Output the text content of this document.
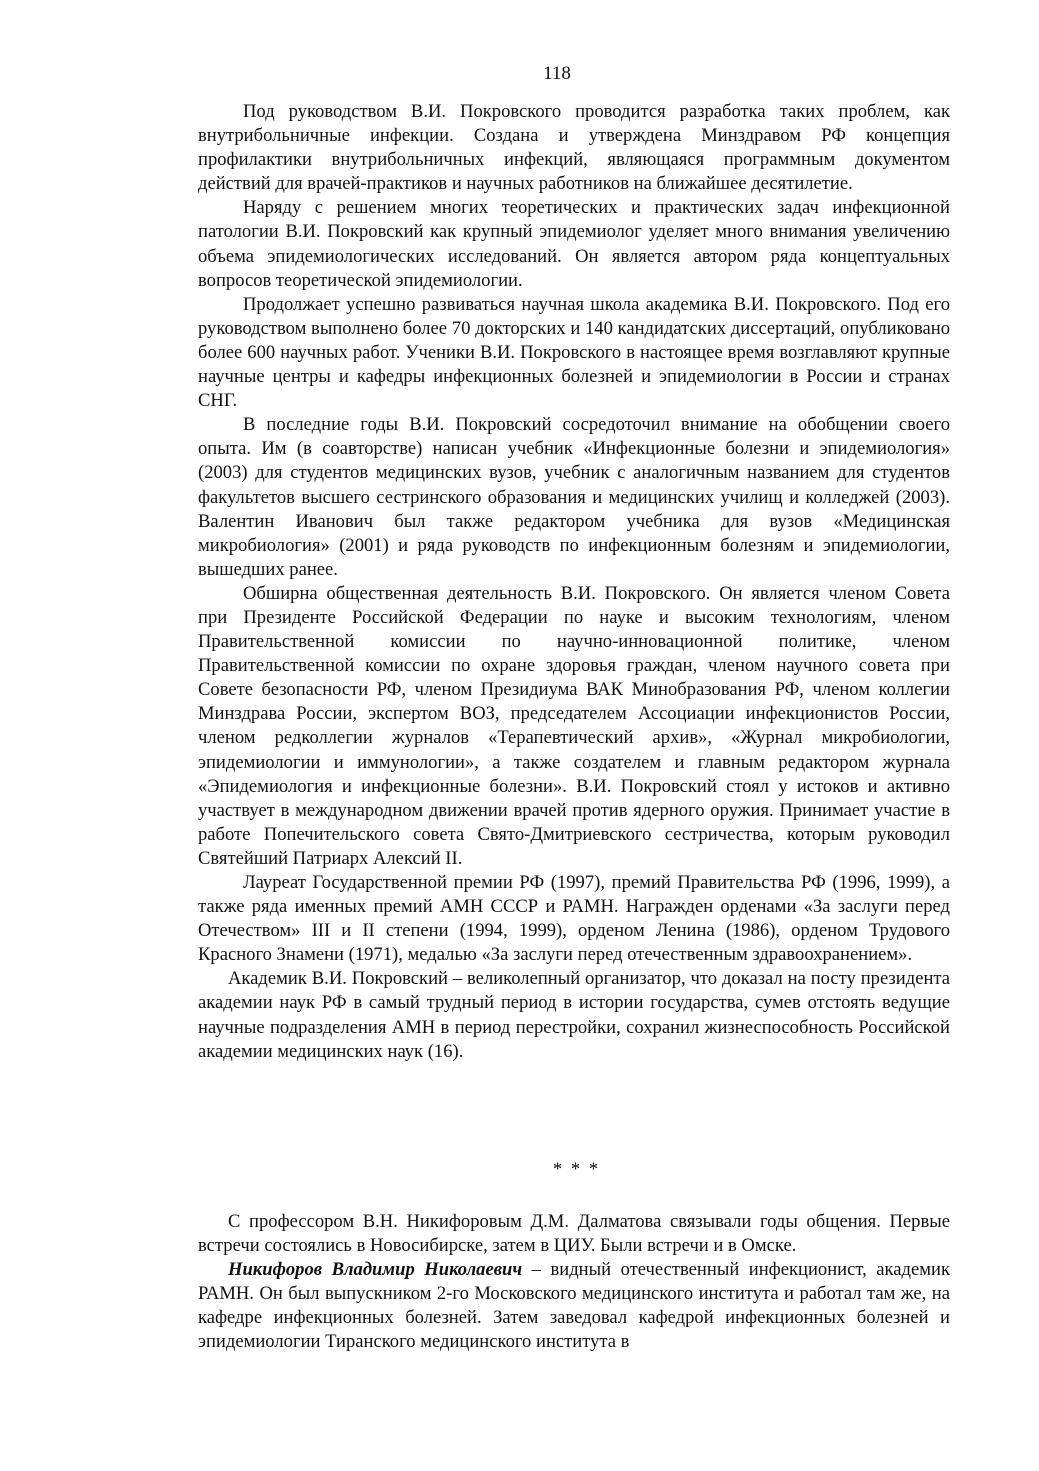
118

Под руководством В.И. Покровского проводится разработка таких проблем, как внутрибольничные инфекции. Создана и утверждена Минздравом РФ концепция профилактики внутрибольничных инфекций, являющаяся программным документом действий для врачей-практиков и научных работников на ближайшее десятилетие.

Наряду с решением многих теоретических и практических задач инфекционной патологии В.И. Покровский как крупный эпидемиолог уделяет много внимания увеличению объема эпидемиологических исследований. Он является автором ряда концептуальных вопросов теоретической эпидемиологии.

Продолжает успешно развиваться научная школа академика В.И. Покровского. Под его руководством выполнено более 70 докторских и 140 кандидатских диссертаций, опубликовано более 600 научных работ. Ученики В.И. Покровского в настоящее время возглавляют крупные научные центры и кафедры инфекционных болезней и эпидемиологии в России и странах СНГ.

В последние годы В.И. Покровский сосредоточил внимание на обобщении своего опыта. Им (в соавторстве) написан учебник «Инфекционные болезни и эпидемиология» (2003) для студентов медицинских вузов, учебник с аналогичным названием для студентов факультетов высшего сестринского образования и медицинских училищ и колледжей (2003). Валентин Иванович был также редактором учебника для вузов «Медицинская микробиология» (2001) и ряда руководств по инфекционным болезням и эпидемиологии, вышедших ранее.

Обширна общественная деятельность В.И. Покровского. Он является членом Совета при Президенте Российской Федерации по науке и высоким технологиям, членом Правительственной комиссии по научно-инновационной политике, членом Правительственной комиссии по охране здоровья граждан, членом научного совета при Совете безопасности РФ, членом Президиума ВАК Минобразования РФ, членом коллегии Минздрава России, экспертом ВОЗ, председателем Ассоциации инфекционистов России, членом редколлегии журналов «Терапевтический архив», «Журнал микробиологии, эпидемиологии и иммунологии», а также создателем и главным редактором журнала «Эпидемиология и инфекционные болезни». В.И. Покровский стоял у истоков и активно участвует в международном движении врачей против ядерного оружия. Принимает участие в работе Попечительского совета Свято-Дмитриевского сестричества, которым руководил Святейший Патриарх Алексий II.

Лауреат Государственной премии РФ (1997), премий Правительства РФ (1996, 1999), а также ряда именных премий АМН СССР и РАМН. Награжден орденами «За заслуги перед Отечеством» III и II степени (1994, 1999), орденом Ленина (1986), орденом Трудового Красного Знамени (1971), медалью «За заслуги перед отечественным здравоохранением».

Академик В.И. Покровский – великолепный организатор, что доказал на посту президента академии наук РФ в самый трудный период в истории государства, сумев отстоять ведущие научные подразделения АМН в период перестройки, сохранил жизнеспособность Российской академии медицинских наук (16).

* * *

С профессором В.Н. Никифоровым Д.М. Далматова связывали годы общения. Первые встречи состоялись в Новосибирске, затем в ЦИУ. Были встречи и в Омске.

Никифоров Владимир Николаевич – видный отечественный инфекционист, академик РАМН. Он был выпускником 2-го Московского медицинского института и работал там же, на кафедре инфекционных болезней. Затем заведовал кафедрой инфекционных болезней и эпидемиологии Тиранского медицинского института в
